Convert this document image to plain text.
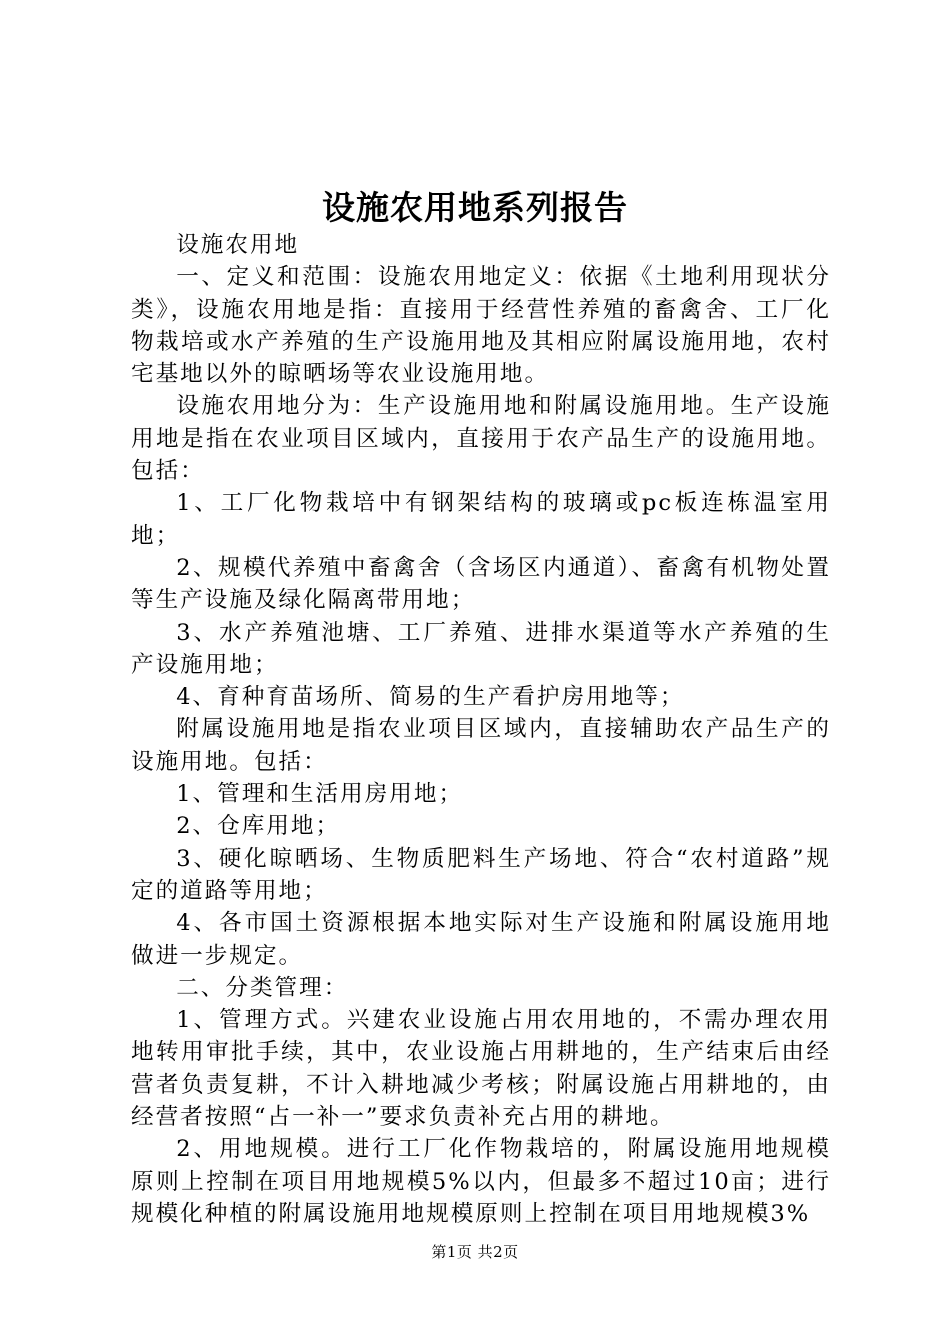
设施农用地系列报告

设施农用地

一、定义和范围：设施农用地定义：依据《土地利用现状分类》，设施农用地是指：直接用于经营性养殖的畜禽舍、工厂化物栽培或水产养殖的生产设施用地及其相应附属设施用地，农村宅基地以外的晾晒场等农业设施用地。

设施农用地分为：生产设施用地和附属设施用地。生产设施用地是指在农业项目区域内，直接用于农产品生产的设施用地。包括：

1、工厂化物栽培中有钢架结构的玻璃或pc板连栋温室用地；

2、规模代养殖中畜禽舍（含场区内通道）、畜禽有机物处置等生产设施及绿化隔离带用地；

3、水产养殖池塘、工厂养殖、进排水渠道等水产养殖的生产设施用地；

4、育种育苗场所、简易的生产看护房用地等；

附属设施用地是指农业项目区域内，直接辅助农产品生产的设施用地。包括：

1、管理和生活用房用地；

2、仓库用地；

3、硬化晾晒场、生物质肥料生产场地、符合“农村道路”规定的道路等用地；

4、各市国土资源根据本地实际对生产设施和附属设施用地做进一步规定。

二、分类管理：

1、管理方式。兴建农业设施占用农用地的，不需办理农用地转用审批手续，其中，农业设施占用耕地的，生产结束后由经营者负责复耕，不计入耕地减少考核；附属设施占用耕地的，由经营者按照“占一补一”要求负责补充占用的耕地。

2、用地规模。进行工厂化作物栽培的，附属设施用地规模原则上控制在项目用地规模5%以内，但最多不超过10亩；进行规模化种植的附属设施用地规模原则上控制在项目用地规模3%

第1页 共2页
